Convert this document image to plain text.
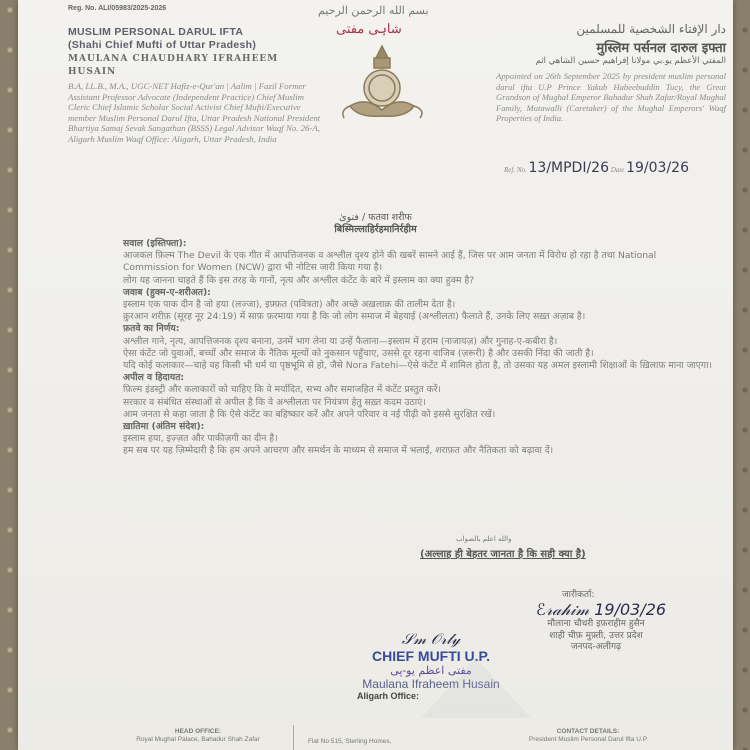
Reg. No. ALI/05983/2025-2026	بسم الله الرحمن الرحيم
شاہی مفتی
MUSLIM PERSONAL DARUL IFTA
(Shahi Chief Mufti of Uttar Pradesh)
MAULANA CHAUDHARY IFRAHEEM HUSAIN
B.A, LL.B., M.A., UGC-NET Hafiz-e-Qur'an | Aalim | Fazil Former Assistant Professor Advocate (Independent Practice) Chief Muslim Cleric Chief Islamic Scholar Social Activist Chief Mufti/Executive member Muslim Personal Darul Ifta, Uttar Pradesh National President Bhartiya Samaj Sevak Sangathan (BSSS) Legal Advisor Waqf No. 26-A, Aligarh Muslim Waqf Office: Aligarh, Uttar Pradesh, India
دار الإفتاء الشخصية للمسلمين
मुस्लिम पर्सनल दारुल इफ्ता
المفتي الأعظم يو.بي مولانا إفراهيم حسين الشاهي اثم
Appointed on 26th September 2025 by president muslim personal darul ifta U.P Prince Yakub Habeebuddin Tucy, the Great Grandson of Mughal Emperor Bahadur Shah Zafar/Royal Mughal Family, Mutawalli (Caretaker) of the Mughal Emperors' Waqf Properties of India.
Ref. No. 13/MPDI/26 Date 19/03/26
فتویٰ / फतवा शरीफ
बिस्मिल्लाहिर्रहमानिर्रहीम
सवाल (इस्तिफ्ता):
आजकल फ़िल्म The Devil के एक गीत में आपत्तिजनक व अश्लील दृश्य होने की खबरें सामने आई हैं, जिस पर आम जनता में विरोध हो रहा है तथा National Commission for Women (NCW) द्वारा भी नोटिस जारी किया गया है।
लोग यह जानना चाहते हैं कि इस तरह के गानों, नृत्य और अश्लील कंटेंट के बारे में इस्लाम का क्या हुक्म है?
जवाब (हुक्म-ए-शरीअत):
इस्लाम एक पाक दीन है जो हया (लज्जा), इफ़्फ़त (पवित्रता) और अच्छे अख़लाक़ की तालीम देता है।
क़ुरआन शरीफ़ (सूरह नूर 24:19) में साफ़ फ़रमाया गया है कि जो लोग समाज में बेहयाई (अश्लीलता) फैलाते हैं, उनके लिए सख़्त अज़ाब है।
फ़तवे का निर्णय:
अश्लील गाने, नृत्य, आपत्तिजनक दृश्य बनाना, उनमें भाग लेना या उन्हें फैलाना—इस्लाम में हराम (नाजायज़) और गुनाह-ए-कबीरा है।
ऐसा कंटेंट जो युवाओं, बच्चों और समाज के नैतिक मूल्यों को नुकसान पहुँचाए, उससे दूर रहना वाजिब (ज़रूरी) है और उसकी निंदा की जाती है।
यदि कोई कलाकार—चाहे वह किसी भी धर्म या पृष्ठभूमि से हो, जैसे Nora Fatehi—ऐसे कंटेंट में शामिल होता है, तो उसका यह अमल इस्लामी शिक्षाओं के ख़िलाफ़ माना जाएगा।
अपील व हिदायत:
फ़िल्म इंडस्ट्री और कलाकारों को चाहिए कि वे मर्यादित, सभ्य और समाजहित में कंटेंट प्रस्तुत करें।
सरकार व संबंधित संस्थाओं से अपील है कि वे अश्लीलता पर नियंत्रण हेतु सख़्त कदम उठाएं।
आम जनता से कहा जाता है कि ऐसे कंटेंट का बहिष्कार करें और अपने परिवार व नई पीढ़ी को इससे सुरक्षित रखें।
ख़ातिमा (अंतिम संदेश):
इस्लाम हया, इज़्ज़त और पाकीज़गी का दीन है।
हम सब पर यह ज़िम्मेदारी है कि हम अपने आचरण और समर्थन के माध्यम से समाज में भलाई, शराफ़त और नैतिकता को बढ़ावा दें।
والله اعلم بالصواب
(अल्लाह ही बेहतर जानता है कि सही क्या है)
जारीकर्ता:
ℰ𝓇𝒶𝒽𝒾𝓂 19/03/26
मौलाना चौधरी इफ़राहीम हुसैन
शाही चीफ़ मुफ़्ती, उत्तर प्रदेश
जनपद-अलीगढ़
𝒮𝓂 𝒪𝓇𝓁𝓎
CHIEF MUFTI U.P.
مفتی اعظم یو-پی
Maulana Ifraheem Husain
Aligarh Office:
HEAD OFFICE:
Royal Mughal Palace, Bahadur Shah Zafar	Flat No 515, Sterling Homes,
CONTACT DETAILS:
President Muslim Personal Darul Ifta U.P
